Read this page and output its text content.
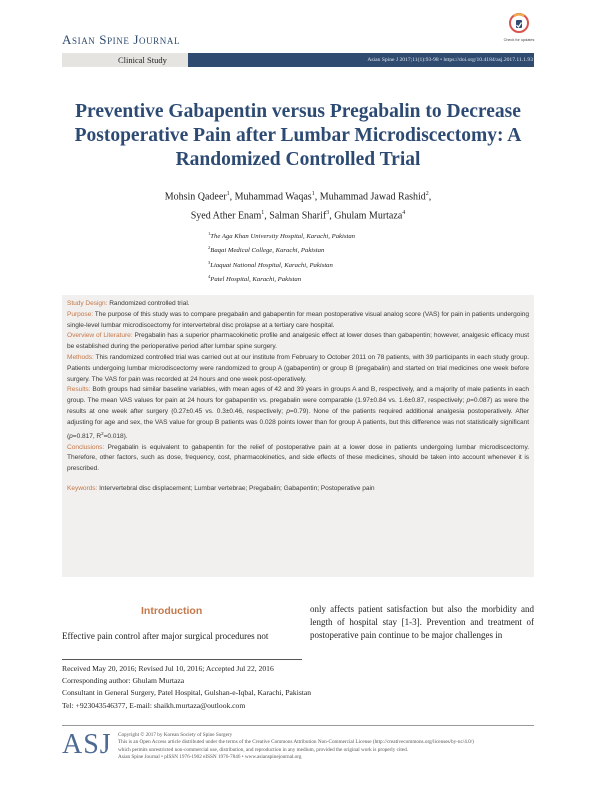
Asian Spine Journal
Clinical Study	Asian Spine J 2017;11(1):93-98 • https://doi.org/10.4184/asj.2017.11.1.93
Check for updates
Preventive Gabapentin versus Pregabalin to Decrease Postoperative Pain after Lumbar Microdiscectomy: A Randomized Controlled Trial
Mohsin Qadeer$^1$, Muhammad Waqas$^1$, Muhammad Jawad Rashid$^2$,
Syed Ather Enam$^1$, Salman Sharif$^3$, Ghulam Murtaza$^4$
$^1$The Aga Khan University Hospital, Karachi, Pakistan
$^2$Baqai Medical College, Karachi, Pakistan
$^3$Liaquat National Hospital, Karachi, Pakistan
$^4$Patel Hospital, Karachi, Pakistan
Study Design: Randomized controlled trial.
Purpose: The purpose of this study was to compare pregabalin and gabapentin for mean postoperative visual analog score (VAS) for pain in patients undergoing single-level lumbar microdiscectomy for intervertebral disc prolapse at a tertiary care hospital.
Overview of Literature: Pregabalin has a superior pharmacokinetic profile and analgesic effect at lower doses than gabapentin; however, analgesic efficacy must be established during the perioperative period after lumbar spine surgery.
Methods: This randomized controlled trial was carried out at our institute from February to October 2011 on 78 patients, with 39 participants in each study group. Patients undergoing lumbar microdiscectomy were randomized to group A (gabapentin) or group B (pregabalin) and started on trial medicines one week before surgery. The VAS for pain was recorded at 24 hours and one week post-operatively.
Results: Both groups had similar baseline variables, with mean ages of 42 and 39 years in groups A and B, respectively, and a majority of male patients in each group. The mean VAS values for pain at 24 hours for gabapentin vs. pregabalin were comparable (1.97±0.84 vs. 1.6±0.87, respectively; p=0.087) as were the results at one week after surgery (0.27±0.45 vs. 0.3±0.46, respectively; p=0.79). None of the patients required additional analgesia postoperatively. After adjusting for age and sex, the VAS value for group B patients was 0.028 points lower than for group A patients, but this difference was not statistically significant (p=0.817, $R^2=0.018$).
Conclusions: Pregabalin is equivalent to gabapentin for the relief of postoperative pain at a lower dose in patients undergoing lumbar microdiscectomy. Therefore, other factors, such as dose, frequency, cost, pharmacokinetics, and side effects of these medicines, should be taken into account whenever it is prescribed.
Keywords: Intervertebral disc displacement; Lumbar vertebrae; Pregabalin; Gabapentin; Postoperative pain
Introduction
Effective pain control after major surgical procedures not
only affects patient satisfaction but also the morbidity and length of hospital stay [1-3]. Prevention and treatment of postoperative pain continue to be major challenges in
Received May 20, 2016; Revised Jul 10, 2016; Accepted Jul 22, 2016
Corresponding author: Ghulam Murtaza
Consultant in General Surgery, Patel Hospital, Gulshan-e-Iqbal, Karachi, Pakistan
Tel: +923043546377, E-mail: shaikh.murtaza@outlook.com
ASJ Copyright © 2017 by Korean Society of Spine Surgery
This is an Open Access article distributed under the terms of the Creative Commons Attribution Non-Commercial License (http://creativecommons.org/licenses/by-nc/4.0/)
which permits unrestricted non-commercial use, distribution, and reproduction in any medium, provided the original work is properly cited.
Asian Spine Journal • pISSN 1976-1902 eISSN 1976-7846 • www.asianspinejournal.org
